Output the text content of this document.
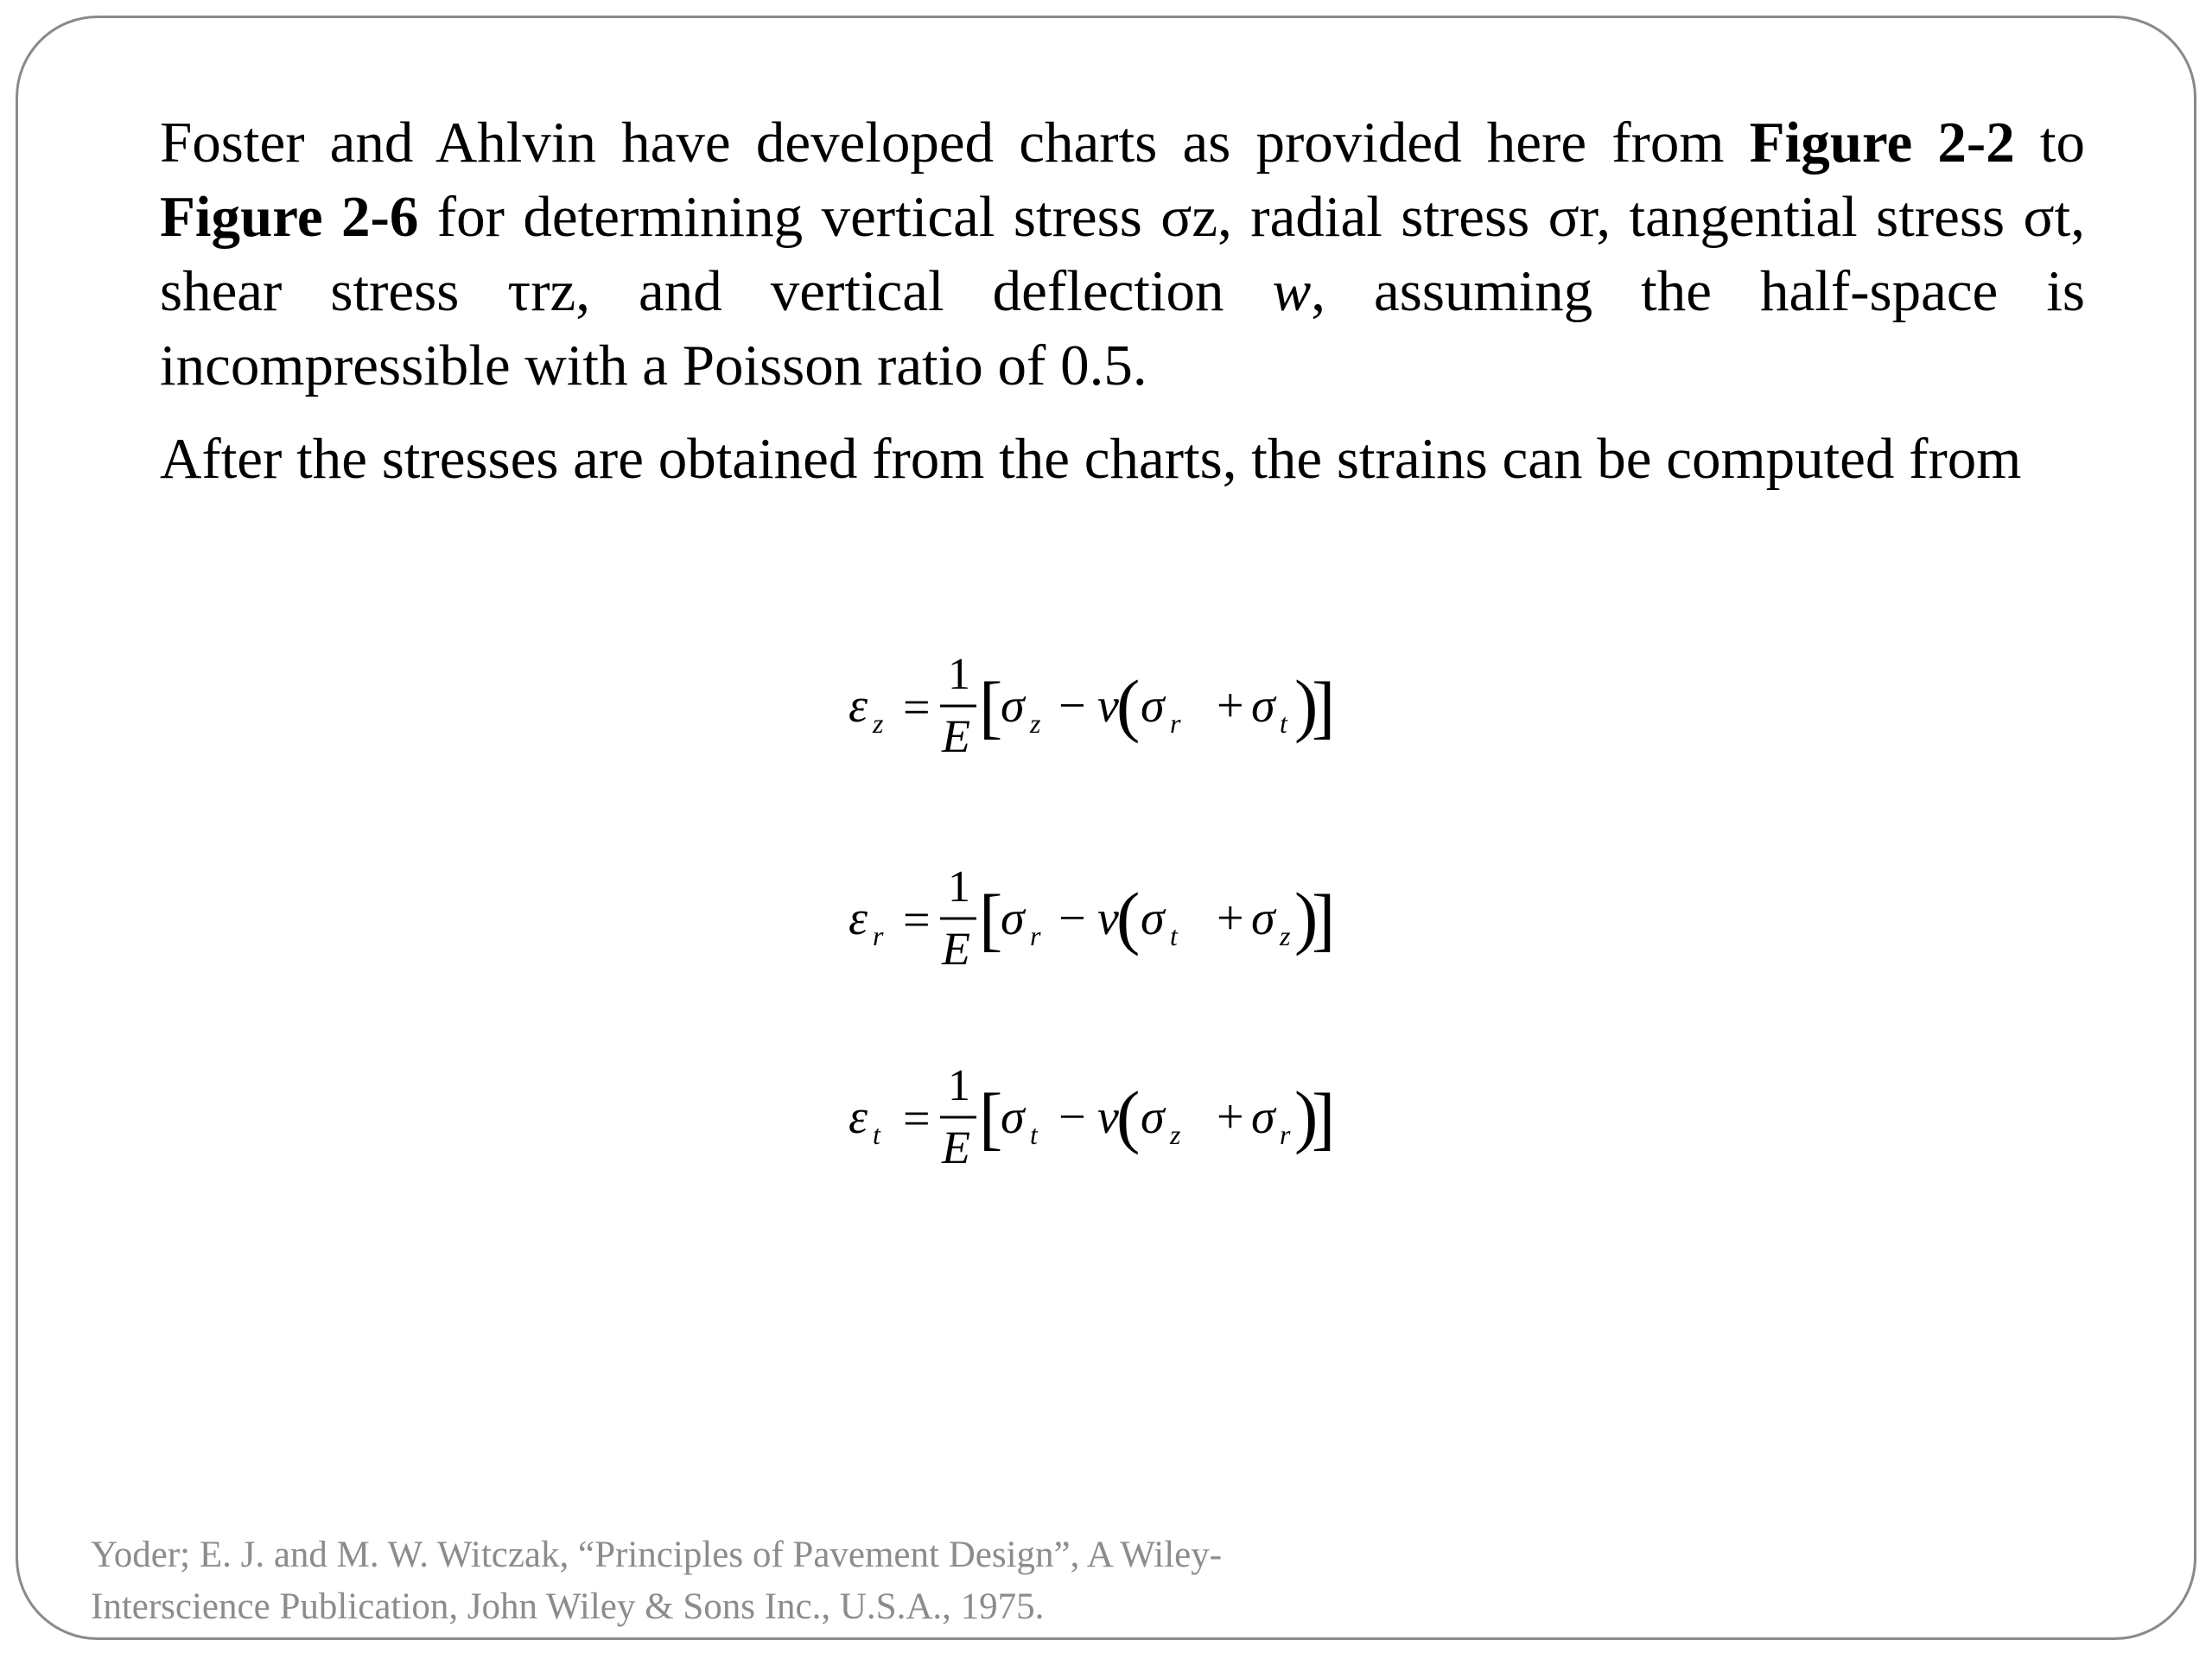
Foster and Ahlvin have developed charts as provided here from Figure 2-2 to Figure 2-6 for determining vertical stress σz, radial stress σr, tangential stress σt, shear stress τrz, and vertical deflection w, assuming the half-space is incompressible with a Poisson ratio of 0.5.

After the stresses are obtained from the charts, the strains can be computed from

ε z =
1
E [
σ z − ν
( σ r + σ t )
]
ε r =
1
E [
σ r − ν
( σ t + σ z )
]
ε t =
1
E [
σ t − ν
( σ z + σ r )
]
Yoder; E. J. and M. W. Witczak, “Principles of Pavement Design”, A Wiley-
Interscience Publication, John Wiley & Sons Inc., U.S.A., 1975.
